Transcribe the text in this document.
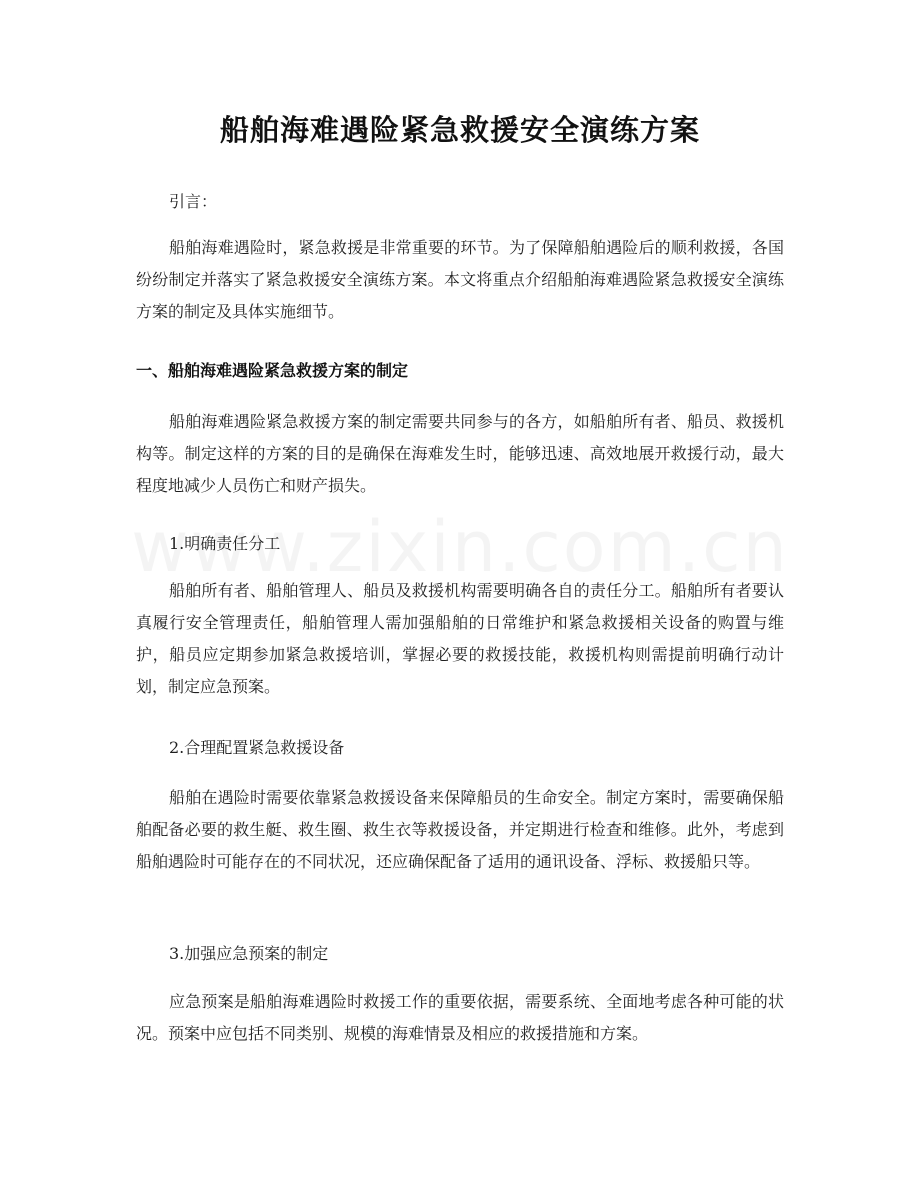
船舶海难遇险紧急救援安全演练方案

引言：

船舶海难遇险时，紧急救援是非常重要的环节。为了保障船舶遇险后的顺利救援，各国纷纷制定并落实了紧急救援安全演练方案。本文将重点介绍船舶海难遇险紧急救援安全演练方案的制定及具体实施细节。

一、船舶海难遇险紧急救援方案的制定

船舶海难遇险紧急救援方案的制定需要共同参与的各方，如船舶所有者、船员、救援机构等。制定这样的方案的目的是确保在海难发生时，能够迅速、高效地展开救援行动，最大程度地减少人员伤亡和财产损失。

1.明确责任分工

船舶所有者、船舶管理人、船员及救援机构需要明确各自的责任分工。船舶所有者要认真履行安全管理责任，船舶管理人需加强船舶的日常维护和紧急救援相关设备的购置与维护，船员应定期参加紧急救援培训，掌握必要的救援技能，救援机构则需提前明确行动计划，制定应急预案。

2.合理配置紧急救援设备

船舶在遇险时需要依靠紧急救援设备来保障船员的生命安全。制定方案时，需要确保船舶配备必要的救生艇、救生圈、救生衣等救援设备，并定期进行检查和维修。此外，考虑到船舶遇险时可能存在的不同状况，还应确保配备了适用的通讯设备、浮标、救援船只等。

3.加强应急预案的制定

应急预案是船舶海难遇险时救援工作的重要依据，需要系统、全面地考虑各种可能的状况。预案中应包括不同类别、规模的海难情景及相应的救援措施和方案。
